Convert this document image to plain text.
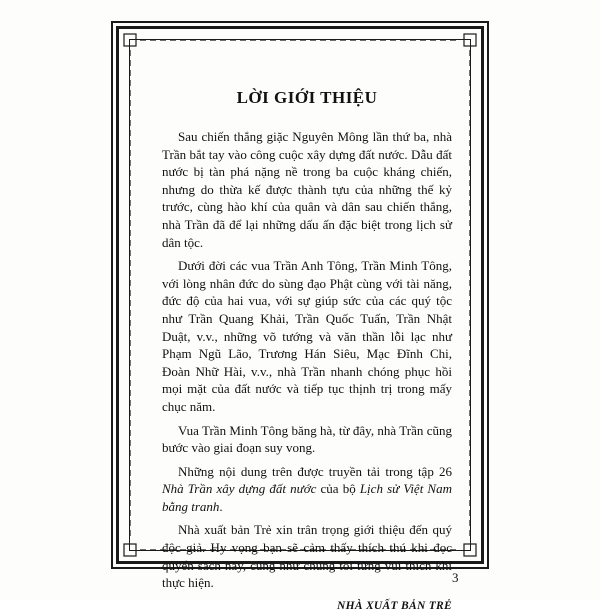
LỜI GIỚI THIỆU

Sau chiến thắng giặc Nguyên Mông lần thứ ba, nhà Trần bắt tay vào công cuộc xây dựng đất nước. Dẫu đất nước bị tàn phá nặng nề trong ba cuộc kháng chiến, nhưng do thừa kế được thành tựu của những thế kỷ trước, cùng hào khí của quân và dân sau chiến thắng, nhà Trần đã để lại những dấu ấn đặc biệt trong lịch sử dân tộc.

Dưới đời các vua Trần Anh Tông, Trần Minh Tông, với lòng nhân đức do sùng đạo Phật cùng với tài năng, đức độ của hai vua, với sự giúp sức của các quý tộc như Trần Quang Khải, Trần Quốc Tuấn, Trần Nhật Duật, v.v., những võ tướng và văn thần lỗi lạc như Phạm Ngũ Lão, Trương Hán Siêu, Mạc Đĩnh Chi, Đoàn Nhữ Hài, v.v., nhà Trần nhanh chóng phục hồi mọi mặt của đất nước và tiếp tục thịnh trị trong mấy chục năm.

Vua Trần Minh Tông băng hà, từ đây, nhà Trần cũng bước vào giai đoạn suy vong.

Những nội dung trên được truyền tải trong tập 26 Nhà Trần xây dựng đất nước của bộ Lịch sử Việt Nam bằng tranh.

Nhà xuất bản Trẻ xin trân trọng giới thiệu đến quý độc giả. Hy vọng bạn sẽ cảm thấy thích thú khi đọc quyển sách này, cũng như chúng tôi từng vui thích khi thực hiện.

NHÀ XUẤT BẢN TRẺ
3
